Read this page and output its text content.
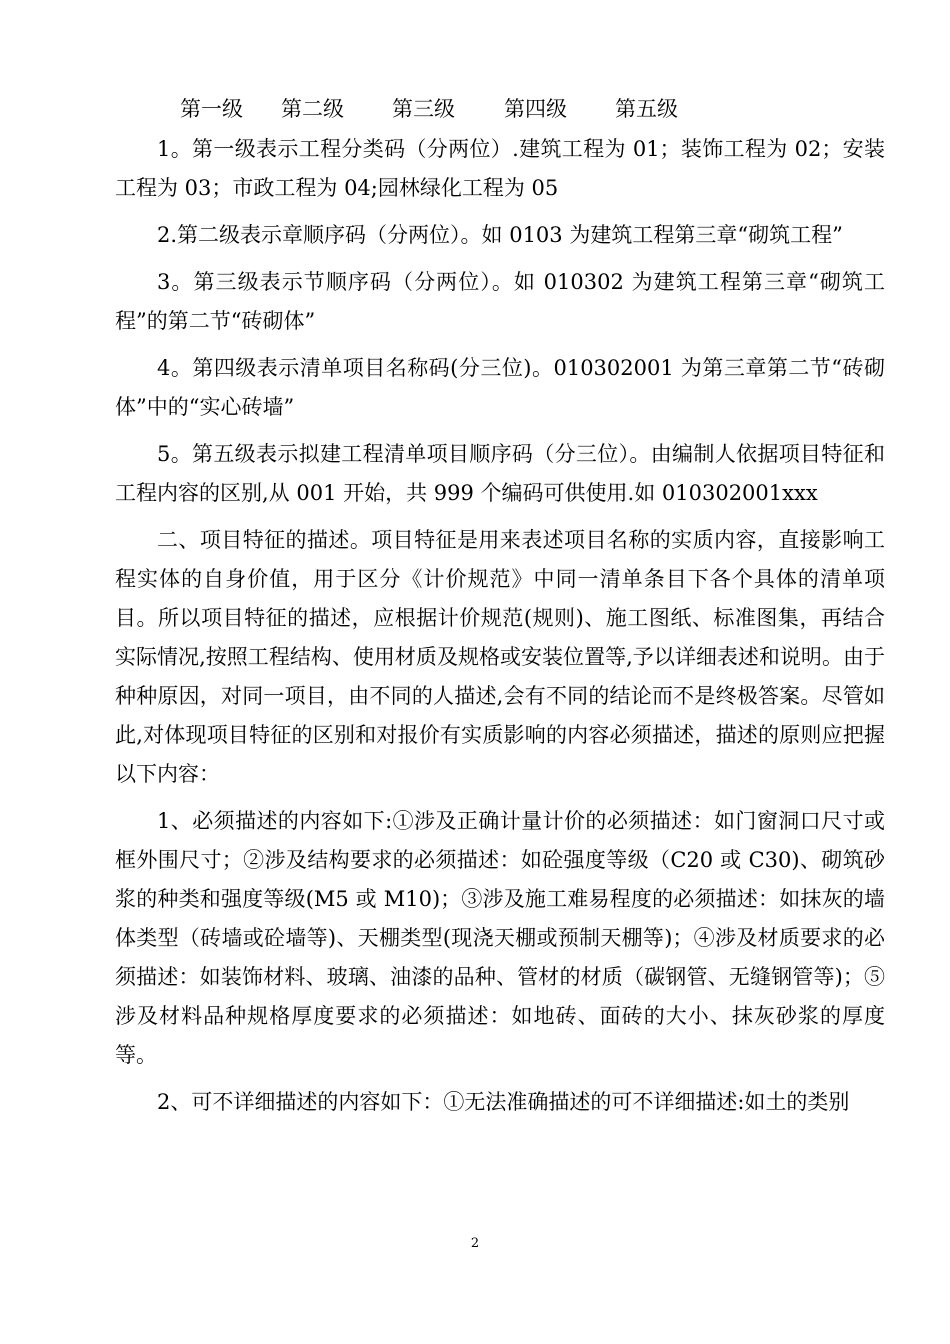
第一级 第二级 第三级 第四级 第五级

1。第一级表示工程分类码（分两位）.建筑工程为 01；装饰工程为 02；安装工程为 03；市政工程为 04;园林绿化工程为 05

2.第二级表示章顺序码（分两位）。如 0103 为建筑工程第三章“砌筑工程”

3。第三级表示节顺序码（分两位）。如 010302 为建筑工程第三章“砌筑工程”的第二节“砖砌体”

4。第四级表示清单项目名称码(分三位)。010302001 为第三章第二节“砖砌体”中的“实心砖墙”

5。第五级表示拟建工程清单项目顺序码（分三位）。由编制人依据项目特征和工程内容的区别,从 001 开始，共 999 个编码可供使用.如 010302001xxx

二、项目特征的描述。项目特征是用来表述项目名称的实质内容，直接影响工程实体的自身价值，用于区分《计价规范》中同一清单条目下各个具体的清单项目。所以项目特征的描述，应根据计价规范(规则)、施工图纸、标准图集，再结合实际情况,按照工程结构、使用材质及规格或安装位置等,予以详细表述和说明。由于种种原因，对同一项目，由不同的人描述,会有不同的结论而不是终极答案。尽管如此,对体现项目特征的区别和对报价有实质影响的内容必须描述，描述的原则应把握以下内容：

1、必须描述的内容如下:①涉及正确计量计价的必须描述：如门窗洞口尺寸或框外围尺寸；②涉及结构要求的必须描述：如砼强度等级（C20 或 C30)、砌筑砂浆的种类和强度等级(M5 或 M10)；③涉及施工难易程度的必须描述：如抹灰的墙体类型（砖墙或砼墙等)、天棚类型(现浇天棚或预制天棚等)；④涉及材质要求的必须描述：如装饰材料、玻璃、油漆的品种、管材的材质（碳钢管、无缝钢管等)；⑤涉及材料品种规格厚度要求的必须描述：如地砖、面砖的大小、抹灰砂浆的厚度等。

2、可不详细描述的内容如下：①无法准确描述的可不详细描述:如土的类别

2
